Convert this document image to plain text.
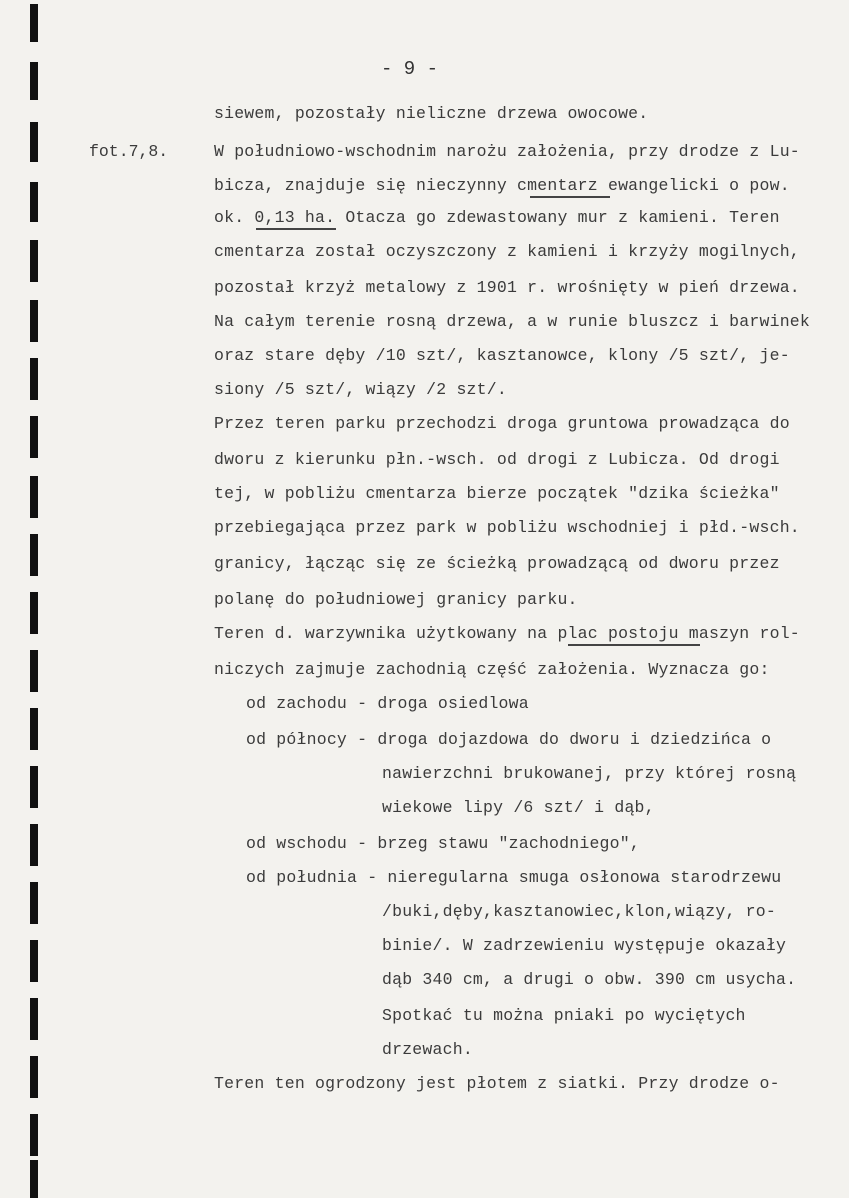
- 9 -
fot.7,8.
siewem, pozostały nieliczne drzewa owocowe.
W południowo-wschodnim narożu założenia, przy drodze z Lu-
bicza, znajduje się nieczynny cmentarz ewangelicki o pow.
ok. 0,13 ha. Otacza go zdewastowany mur z kamieni. Teren
cmentarza został oczyszczony z kamieni i krzyży mogilnych,
pozostał krzyż metalowy z 1901 r. wrośnięty w pień drzewa.
Na całym terenie rosną drzewa, a w runie bluszcz i barwinek
oraz stare dęby /10 szt/, kasztanowce, klony /5 szt/, je-
siony /5 szt/, wiązy /2 szt/.
Przez teren parku przechodzi droga gruntowa prowadząca do
dworu z kierunku płn.-wsch. od drogi z Lubicza. Od drogi
tej, w pobliżu cmentarza bierze początek "dzika ścieżka"
przebiegająca przez park w pobliżu wschodniej i płd.-wsch.
granicy, łącząc się ze ścieżką prowadzącą od dworu przez
polanę do południowej granicy parku.
Teren d. warzywnika użytkowany na plac postoju maszyn rol-
niczych zajmuje zachodnią część założenia. Wyznacza go:
od zachodu - droga osiedlowa
od północy - droga dojazdowa do dworu i dziedzińca o
nawierzchni brukowanej, przy której rosną
wiekowe lipy /6 szt/ i dąb,
od wschodu - brzeg stawu "zachodniego",
od południa - nieregularna smuga osłonowa starodrzewu
/buki,dęby,kasztanowiec,klon,wiązy, ro-
binie/. W zadrzewieniu występuje okazały
dąb 340 cm, a drugi o obw. 390 cm usycha.
Spotkać tu można pniaki po wyciętych
drzewach.
Teren ten ogrodzony jest płotem z siatki. Przy drodze o-
